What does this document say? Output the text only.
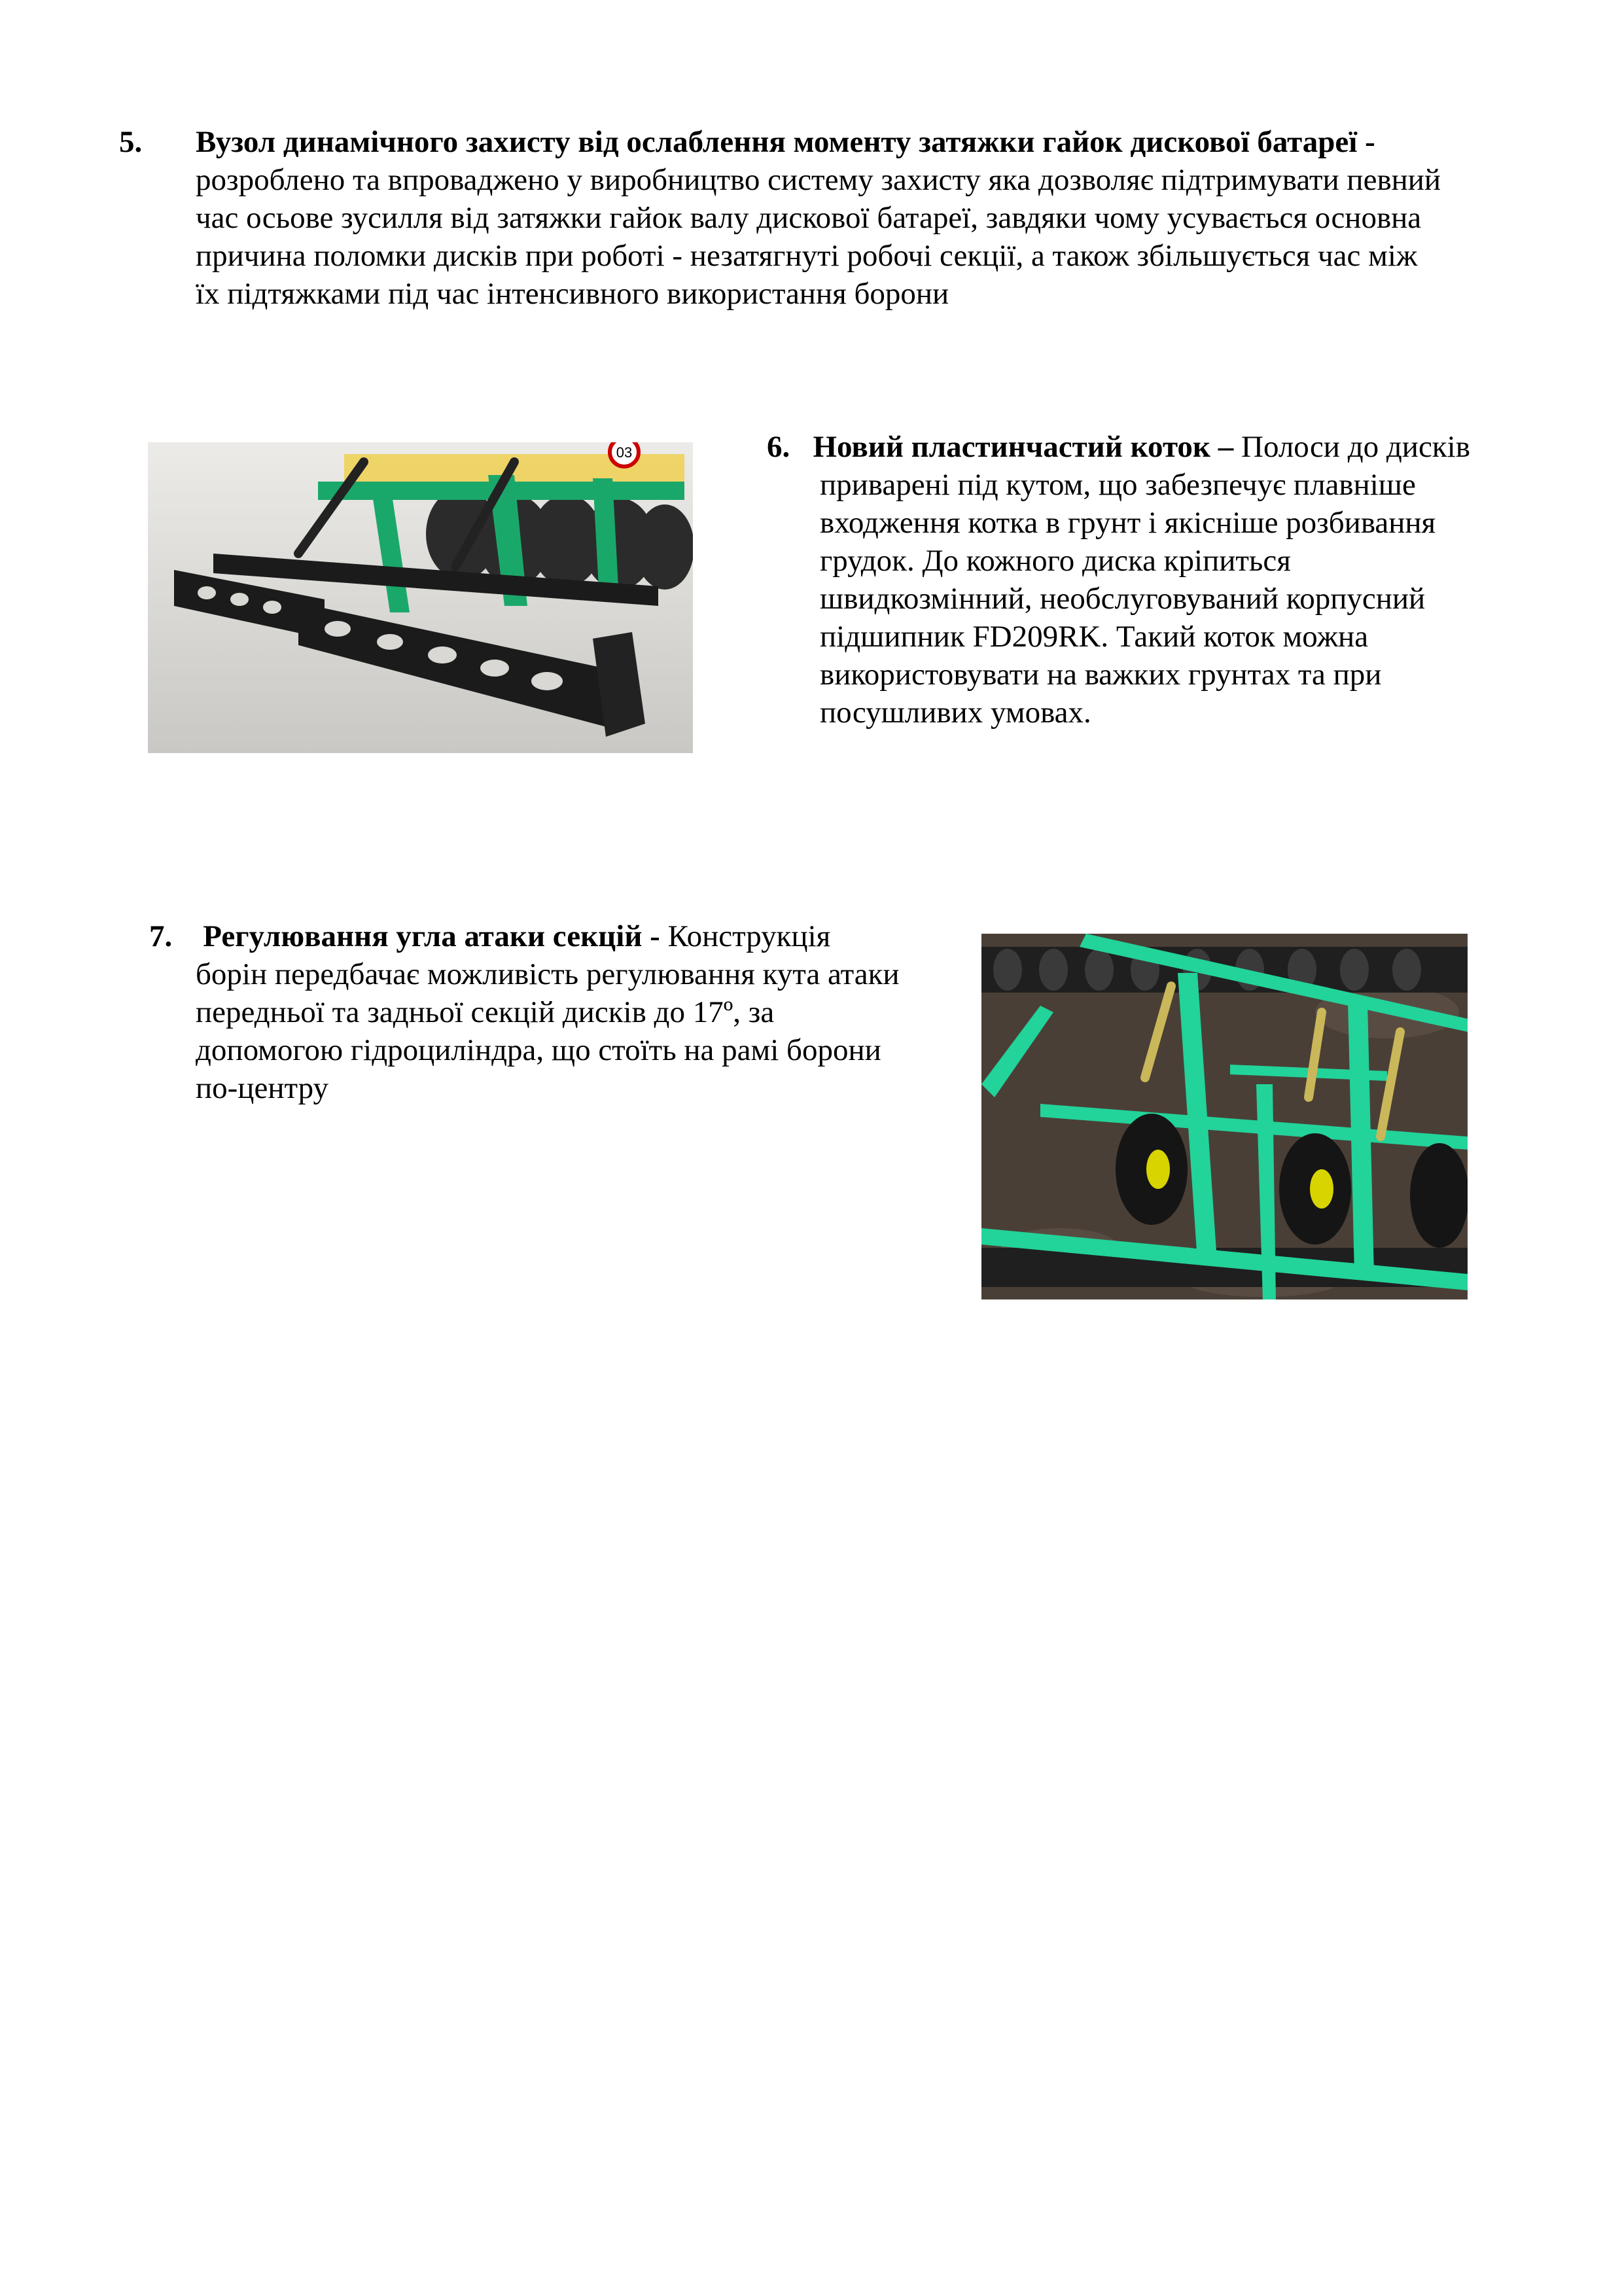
5. Вузол динамічного захисту від ослаблення моменту затяжки гайок дискової батареї -
розроблено та впроваджено у виробництво систему захисту яка дозволяє підтримувати певний
час осьове зусилля від затяжки гайок валу дискової батареї, завдяки чому усувається основна
причина поломки дисків при роботі - незатягнуті робочі секції, а також збільшується час між
їх підтяжками під час інтенсивного використання борони
03	6. Новий пластинчастий коток – Полоси до дисків
приварені під кутом, що забезпечує плавніше
входження котка в грунт і якісніше розбивання
грудок. До кожного диска кріпиться
швидкозмінний, необслуговуваний корпусний
підшипник FD209RK. Такий коток можна
використовувати на важких грунтах та при
посушливих умовах.
7. Регулювання угла атаки секцій - Конструкція
борін передбачає можливість регулювання кута атаки
передньої та задньої секцій дисків до 17º, за
допомогою гідроциліндра, що стоїть на рамі борони
по-центру
